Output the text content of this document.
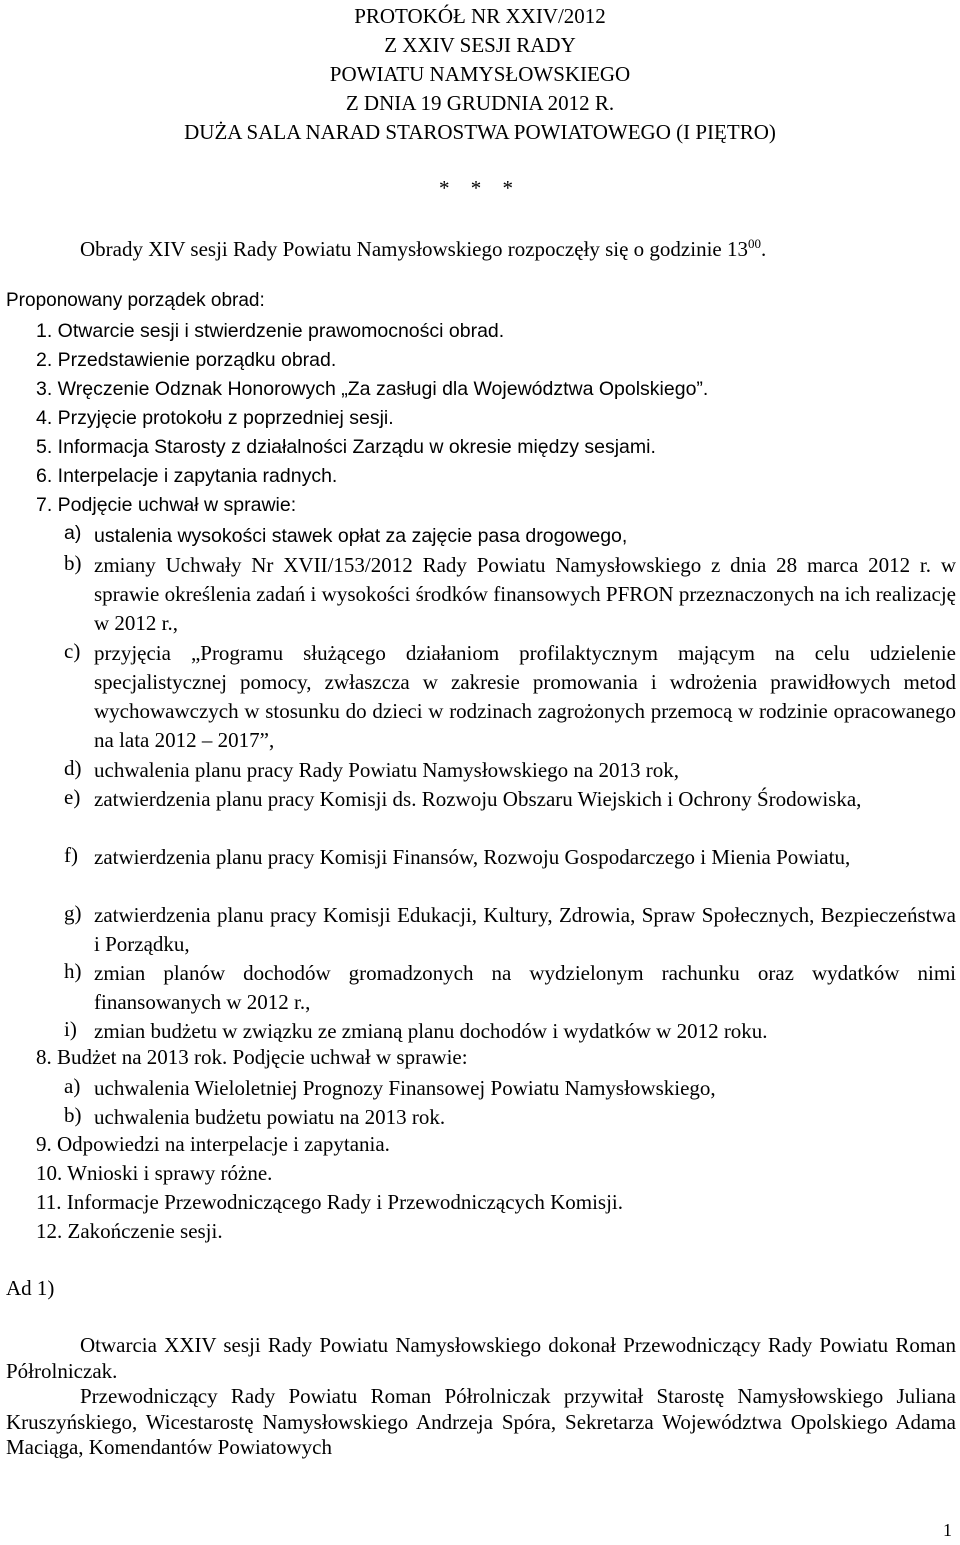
PROTOKÓŁ NR XXIV/2012
Z XXIV SESJI RADY
POWIATU NAMYSŁOWSKIEGO
Z DNIA 19 GRUDNIA 2012 R.
DUŻA SALA NARAD STAROSTWA POWIATOWEGO (I PIĘTRO)
* * *
Obrady XIV sesji Rady Powiatu Namysłowskiego rozpoczęły się o godzinie $13^{00}$.
Proponowany porządek obrad:
1. Otwarcie sesji i stwierdzenie prawomocności obrad.
2. Przedstawienie porządku obrad.
3. Wręczenie Odznak Honorowych „Za zasługi dla Województwa Opolskiego”.
4. Przyjęcie protokołu z poprzedniej sesji.
5. Informacja Starosty z działalności Zarządu w okresie między sesjami.
6. Interpelacje i zapytania radnych.
7. Podjęcie uchwał w sprawie:
a) ustalenia wysokości stawek opłat za zajęcie pasa drogowego,
b) zmiany Uchwały Nr XVII/153/2012 Rady Powiatu Namysłowskiego z dnia 28 marca 2012 r. w sprawie określenia zadań i wysokości środków finansowych PFRON przeznaczonych na ich realizację w 2012 r.,
c) przyjęcia „Programu służącego działaniom profilaktycznym mającym na celu udzielenie specjalistycznej pomocy, zwłaszcza w zakresie promowania i wdrożenia prawidłowych metod wychowawczych w stosunku do dzieci w rodzinach zagrożonych przemocą w rodzinie opracowanego na lata 2012 – 2017”,
d) uchwalenia planu pracy Rady Powiatu Namysłowskiego na 2013 rok,
e) zatwierdzenia planu pracy Komisji ds. Rozwoju Obszaru Wiejskich i Ochrony Środowiska,
f) zatwierdzenia planu pracy Komisji Finansów, Rozwoju Gospodarczego i Mienia Powiatu,
g) zatwierdzenia planu pracy Komisji Edukacji, Kultury, Zdrowia, Spraw Społecznych, Bezpieczeństwa i Porządku,
h) zmian planów dochodów gromadzonych na wydzielonym rachunku oraz wydatków nimi finansowanych w 2012 r.,
i) zmian budżetu w związku ze zmianą planu dochodów i wydatków w 2012 roku.
8. Budżet na 2013 rok. Podjęcie uchwał w sprawie:
a) uchwalenia Wieloletniej Prognozy Finansowej Powiatu Namysłowskiego,
b) uchwalenia budżetu powiatu na 2013 rok.
9. Odpowiedzi na interpelacje i zapytania.
10. Wnioski i sprawy różne.
11. Informacje Przewodniczącego Rady i Przewodniczących Komisji.
12. Zakończenie sesji.
Ad 1)
Otwarcia XXIV sesji Rady Powiatu Namysłowskiego dokonał Przewodniczący Rady Powiatu Roman Półrolniczak.
Przewodniczący Rady Powiatu Roman Półrolniczak przywitał Starostę Namysłowskiego Juliana Kruszyńskiego, Wicestarostę Namysłowskiego Andrzeja Spóra, Sekretarza Województwa Opolskiego Adama Maciąga, Komendantów Powiatowych
1
